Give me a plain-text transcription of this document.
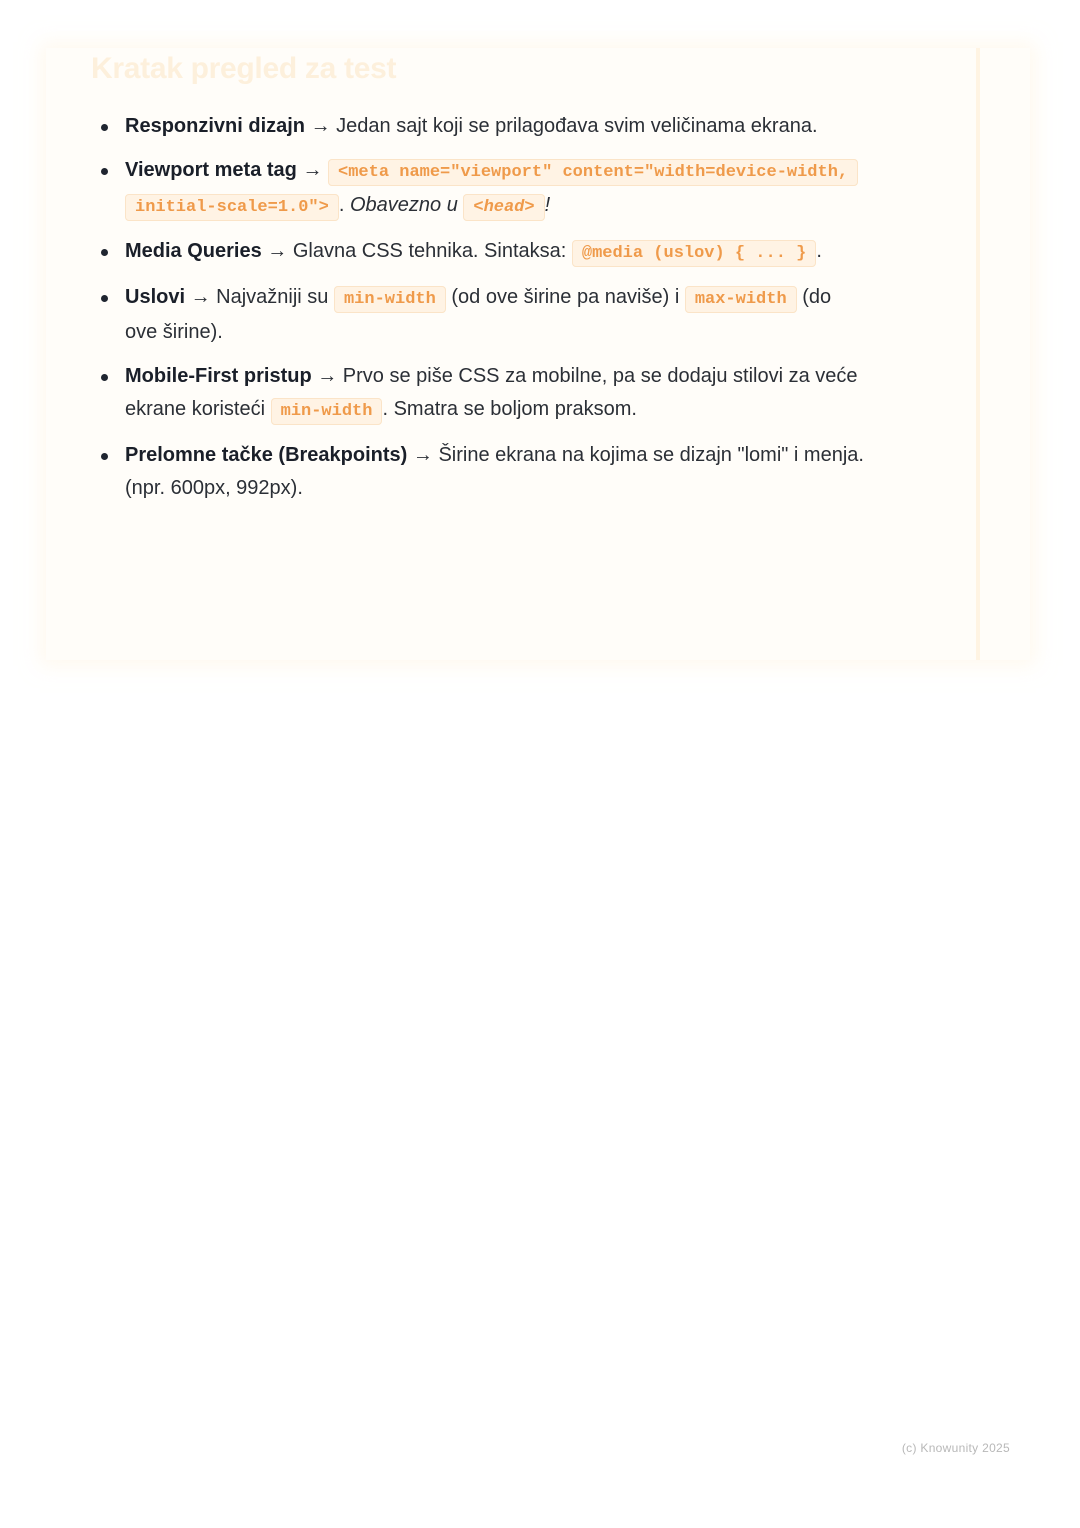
Kratak pregled za test
Responzivni dizajn → Jedan sajt koji se prilagođava svim veličinama ekrana.
Viewport meta tag → <meta name="viewport" content="width=device-width, initial-scale=1.0"> . Obavezno u <head> !
Media Queries → Glavna CSS tehnika. Sintaksa: @media (uslov) { ... } .
Uslovi → Najvažniji su min-width (od ove širine pa naviše) i max-width (do ove širine).
Mobile-First pristup → Prvo se piše CSS za mobilne, pa se dodaju stilovi za veće ekrane koristeći min-width . Smatra se boljom praksom.
Prelomne tačke (Breakpoints) → Širine ekrana na kojima se dizajn "lomi" i menja. (npr. 600px, 992px).
(c) Knowunity 2025
